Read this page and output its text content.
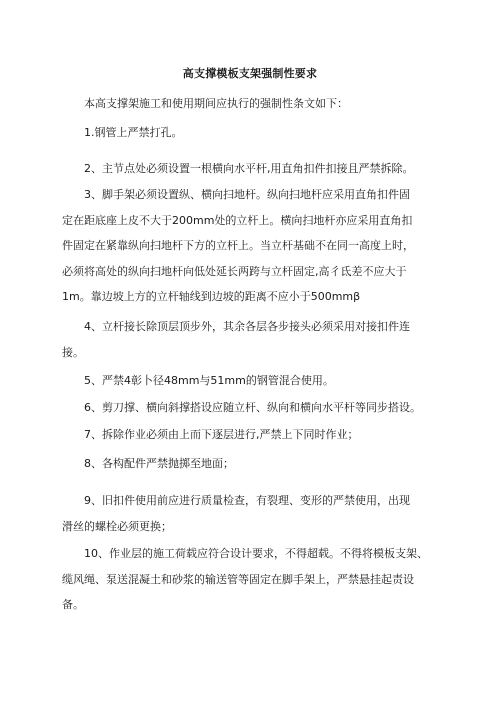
高支撑模板支架强制性要求

本高支撑架施工和使用期间应执行的强制性条文如下：

1.钢管上严禁打孔。

2、主节点处必须设置一根横向水平杆,用直角扣件扣接且严禁拆除。

3、脚手架必须设置纵、横向扫地杆。纵向扫地杆应采用直角扣件固
定在距底座上皮不大于200mm处的立杆上。横向扫地杆亦应采用直角扣
件固定在紧靠纵向扫地杆下方的立杆上。当立杆基础不在同一高度上时，
必须将高处的纵向扫地杆向低处延长两跨与立杆固定,高彳氐差不应大于
1m。靠边坡上方的立杆轴线到边坡的距离不应小于500mmβ

4、立杆接长除顶层顶步外，其余各层各步接头必须采用对接扣件连
接。

5、严禁4彰卜径48mm与51mm的钢管混合使用。

6、剪刀撑、横向斜撑搭设应随立杆、纵向和横向水平杆等同步搭设。

7、拆除作业必须由上而下逐层进行,严禁上下同时作业；

8、各构配件严禁抛掷至地面；

9、旧扣件使用前应进行质量检查，有裂理、变形的严禁使用，出现
滑丝的螺栓必须更换；

10、作业层的施工荷载应符合设计要求，不得超载。不得将模板支架、
缆风绳、泵送混凝土和砂浆的输送管等固定在脚手架上，严禁悬挂起责设
备。
